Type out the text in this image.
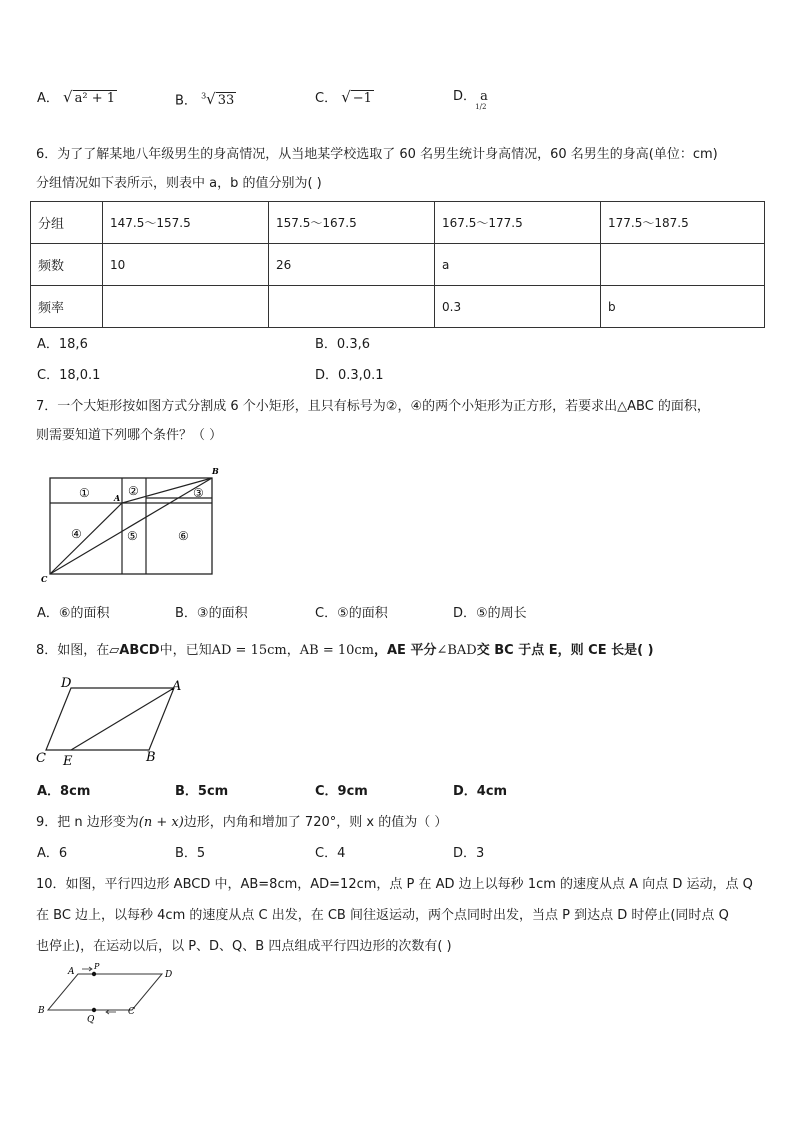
A． √ a² + 1	B． $^3$√ 33	C． √ −1	D． a
1/2
6．为了了解某地八年级男生的身高情况，从当地某学校选取了 60 名男生统计身高情况，60 名男生的身高(单位：cm)
分组情况如下表所示，则表中 a，b 的值分别为( )
分组	147.5～157.5	157.5～167.5	167.5～177.5	177.5～187.5
频数	10	26	a	
频率			0.3	b
A．18,6	B．0.3,6
C．18,0.1	D．0.3,0.1
7．一个大矩形按如图方式分割成 6 个小矩形，且只有标号为②，④的两个小矩形为正方形，若要求出△ABC 的面积，
则需要知道下列哪个条件？（ ）
①	②	③
④	⑤	⑥
A
B
C
A．⑥的面积	B．③的面积	C．⑤的面积	D．⑤的周长
8．如图，在▱ABCD中，已知AD = 15cm，AB = 10cm，AE 平分∠BAD交 BC 于点 E，则 CE 长是( )
D	A
C E	B
A．8cm	B．5cm	C．9cm	D．4cm
9．把 n 边形变为(n + x)边形，内角和增加了 720°，则 x 的值为（ ）
A．6	B．5	C．4	D．3
10．如图，平行四边形 ABCD 中，AB=8cm，AD=12cm，点 P 在 AD 边上以每秒 1cm 的速度从点 A 向点 D 运动，点 Q
在 BC 边上，以每秒 4cm 的速度从点 C 出发，在 CB 间往返运动，两个点同时出发，当点 P 到达点 D 时停止(同时点 Q
也停止)，在运动以后，以 P、D、Q、B 四点组成平行四边形的次数有( )
A
P
D
B
Q
C
